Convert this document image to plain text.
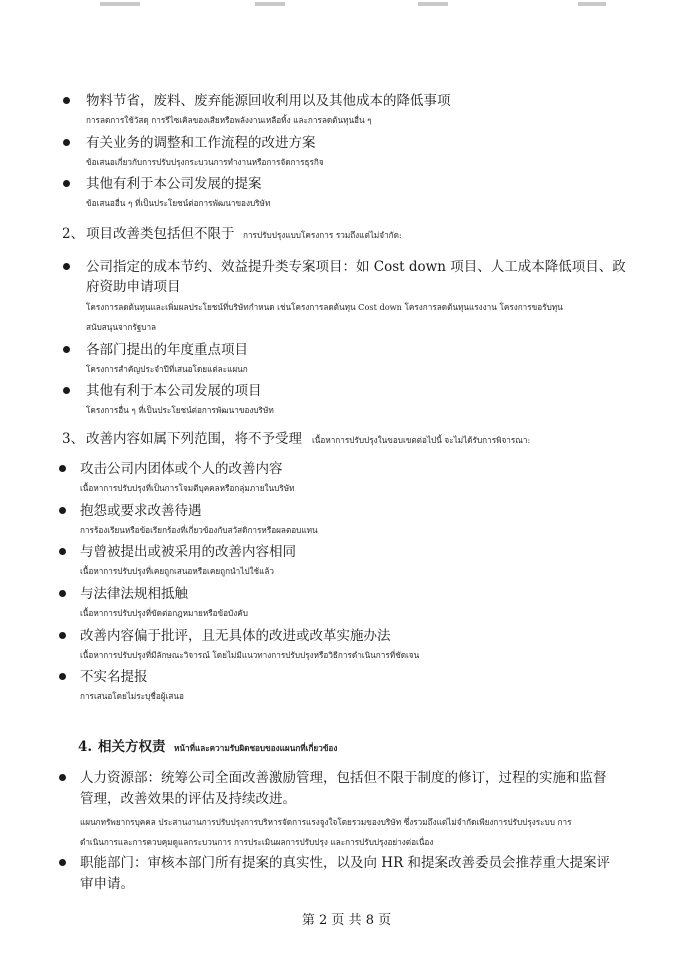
物料节省，废料、废弃能源回收利用以及其他成本的降低事项
การลดการใช้วัสดุ การรีไซเคิลของเสียหรือพลังงานเหลือทิ้ง และการลดต้นทุนอื่น ๆ
有关业务的调整和工作流程的改进方案
ข้อเสนอเกี่ยวกับการปรับปรุงกระบวนการทำงานหรือการจัดการธุรกิจ
其他有利于本公司发展的提案
ข้อเสนออื่น ๆ ที่เป็นประโยชน์ต่อการพัฒนาของบริษัท
2、 项目改善类包括但不限于 การปรับปรุงแบบโครงการ รวมถึงแต่ไม่จำกัด:
公司指定的成本节约、效益提升类专案项目：如 Cost down 项目、人工成本降低项目、政
府资助申请项目
โครงการลดต้นทุนและเพิ่มผลประโยชน์ที่บริษัทกำหนด เช่นโครงการลดต้นทุน Cost down โครงการลดต้นทุนแรงงาน โครงการขอรับทุน
สนับสนุนจากรัฐบาล
各部门提出的年度重点项目
โครงการสำคัญประจำปีที่เสนอโดยแต่ละแผนก
其他有利于本公司发展的项目
โครงการอื่น ๆ ที่เป็นประโยชน์ต่อการพัฒนาของบริษัท
3、 改善内容如属下列范围，将不予受理 เนื้อหาการปรับปรุงในขอบเขตต่อไปนี้ จะไม่ได้รับการพิจารณา:
攻击公司内团体或个人的改善内容
เนื้อหาการปรับปรุงที่เป็นการโจมตีบุคคลหรือกลุ่มภายในบริษัท
抱怨或要求改善待遇
การร้องเรียนหรือข้อเรียกร้องที่เกี่ยวข้องกับสวัสดิการหรือผลตอบแทน
与曾被提出或被采用的改善内容相同
เนื้อหาการปรับปรุงที่เคยถูกเสนอหรือเคยถูกนำไปใช้แล้ว
与法律法规相抵触
เนื้อหาการปรับปรุงที่ขัดต่อกฎหมายหรือข้อบังคับ
改善内容偏于批评，且无具体的改进或改革实施办法
เนื้อหาการปรับปรุงที่มีลักษณะวิจารณ์ โดยไม่มีแนวทางการปรับปรุงหรือวิธีการดำเนินการที่ชัดเจน
不实名提报
การเสนอโดยไม่ระบุชื่อผู้เสนอ
4. 相关方权责 หน้าที่และความรับผิดชอบของแผนกที่เกี่ยวข้อง
人力资源部：统筹公司全面改善激励管理，包括但不限于制度的修订，过程的实施和监督
管理，改善效果的评估及持续改进。
แผนกทรัพยากรบุคคล ประสานงานการปรับปรุงการบริหารจัดการแรงจูงใจโดยรวมของบริษัท ซึ่งรวมถึงแต่ไม่จำกัดเพียงการปรับปรุงระบบ การ
ดำเนินการและการควบคุมดูแลกระบวนการ การประเมินผลการปรับปรุง และการปรับปรุงอย่างต่อเนื่อง
职能部门：审核本部门所有提案的真实性，以及向 HR 和提案改善委员会推荐重大提案评
审申请。
第 2 页 共 8 页
